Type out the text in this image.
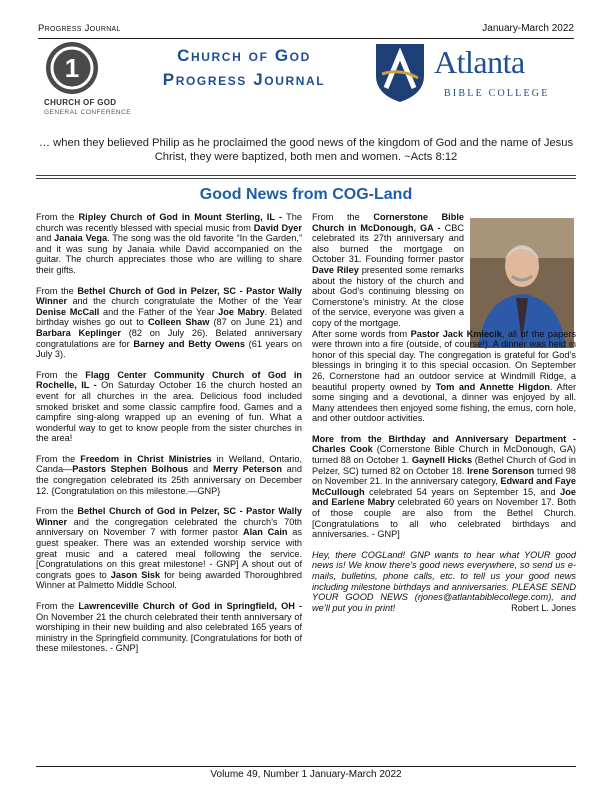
Progress Journal	January-March 2022
1
CHURCH OF GOD
GENERAL CONFERENCE
Church of God
Progress Journal	Atlanta
BIBLE COLLEGE
… when they believed Philip as he proclaimed the good news of the kingdom of God and the name of Jesus Christ, they were baptized, both men and women. ~Acts 8:12
Good News from COG-Land

From the Ripley Church of God in Mount Sterling, IL - The church was recently blessed with special music from David Dyer and Janaia Vega. The song was the old favorite “In the Garden,” and it was sung by Janaia while David accompanied on the guitar. The church appreciates those who are willing to share their gifts.

From the Bethel Church of God in Pelzer, SC - Pastor Wally Winner and the church congratulate the Mother of the Year Denise McCall and the Father of the Year Joe Mabry. Belated birthday wishes go out to Colleen Shaw (87 on June 21) and Barbara Keplinger (82 on July 26). Belated anniversary congratulations are for Barney and Betty Owens (61 years on July 3).

From the Flagg Center Community Church of God in Rochelle, IL - On Saturday October 16 the church hosted an event for all churches in the area. Delicious food included smoked brisket and some classic campfire food. Games and a campfire sing-along wrapped up an evening of fun. What a wonderful way to get to know people from the sister churches in the area!

From the Freedom in Christ Ministries in Welland, Ontario, Canda—Pastors Stephen Bolhous and Merry Peterson and the congregation celebrated its 25th anniversary on December 12. {Congratulation on this milestone.—GNP}

From the Bethel Church of God in Pelzer, SC - Pastor Wally Winner and the congregation celebrated the church’s 70th anniversary on November 7 with former pastor Alan Cain as guest speaker. There was an extended worship service with great music and a catered meal following the service. [Congratulations on this great milestone! - GNP] A shout out of congrats goes to Jason Sisk for being awarded Thoroughbred Winner at Palmetto Middle School.

From the Lawrenceville Church of God in Springfield, OH - On November 21 the church celebrated their tenth anniversary of worshiping in their new building and also celebrated 165 years of ministry in the Springfield community. [Congratulations for both of these milestones. - GNP]

From the Cornerstone Bible Church in McDonough, GA - CBC celebrated its 27th anniversary and also burned the mortgage on October 31. Founding former pastor Dave Riley presented some remarks about the history of the church and about God’s continuing blessing on Cornerstone’s ministry. At the close of the service, everyone was given a copy of the mortgage.

After some words from Pastor Jack Kmiecik, all of the papers were thrown into a fire (outside, of course!). A dinner was held in honor of this special day. The congregation is grateful for God’s blessings in bringing it to this special occasion. On September 26, Cornerstone had an outdoor service at Windmill Ridge, a beautiful property owned by Tom and Annette Higdon. After some singing and a devotional, a dinner was enjoyed by all. Many attendees then enjoyed some fishing, the emus, corn hole, and other outdoor activities.

More from the Birthday and Anniversary Department - Charles Cook (Cornerstone Bible Church in McDonough, GA) turned 88 on October 1. Gaynell Hicks (Bethel Church of God in Pelzer, SC) turned 82 on October 18. Irene Sorenson turned 98 on November 21. In the anniversary category, Edward and Faye McCullough celebrated 54 years on September 15, and Joe and Earlene Mabry celebrated 60 years on November 17. Both of those couple are also from the Bethel Church. [Congratulations to all who celebrated birthdays and anniversaries. - GNP]

Hey, there COGLand! GNP wants to hear what YOUR good news is! We know there’s good news everywhere, so send us e-mails, bulletins, phone calls, etc. to tell us your good news including milestone birthdays and anniversaries. PLEASE SEND YOUR GOOD NEWS (rjones@atlantabiblecollege.com), and we’ll put you in print!	Robert L. Jones

Volume 49, Number 1 January-March 2022
